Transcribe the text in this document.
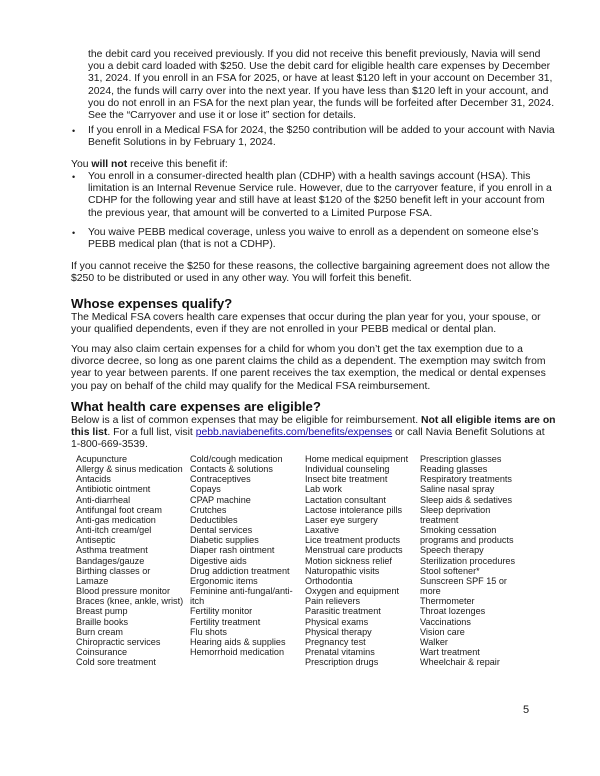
the debit card you received previously. If you did not receive this benefit previously, Navia will send
you a debit card loaded with $250. Use the debit card for eligible health care expenses by December
31, 2024. If you enroll in an FSA for 2025, or have at least $120 left in your account on December 31,
2024, the funds will carry over into the next year. If you have less than $120 left in your account, and
you do not enroll in an FSA for the next plan year, the funds will be forfeited after December 31, 2024.
See the “Carryover and use it or lose it” section for details.
• If you enroll in a Medical FSA for 2024, the $250 contribution will be added to your account with Navia
Benefit Solutions in by February 1, 2024.
• You enroll in a consumer-directed health plan (CDHP) with a health savings account (HSA). This
limitation is an Internal Revenue Service rule. However, due to the carryover feature, if you enroll in a
CDHP for the following year and still have at least $120 of the $250 benefit left in your account from
the previous year, that amount will be converted to a Limited Purpose FSA.
• You waive PEBB medical coverage, unless you waive to enroll as a dependent on someone else’s
PEBB medical plan (that is not a CDHP).
If you cannot receive the $250 for these reasons, the collective bargaining agreement does not allow the
$250 to be distributed or used in any other way. You will forfeit this benefit.
The Medical FSA covers health care expenses that occur during the plan year for you, your spouse, or
your qualified dependents, even if they are not enrolled in your PEBB medical or dental plan.
You may also claim certain expenses for a child for whom you don’t get the tax exemption due to a
divorce decree, so long as one parent claims the child as a dependent. The exemption may switch from
year to year between parents. If one parent receives the tax exemption, the medical or dental expenses
you pay on behalf of the child may qualify for the Medical FSA reimbursement.
You will not receive this benefit if:
Whose expenses qualify?
What health care expenses are eligible?
Below is a list of common expenses that may be eligible for reimbursement. Not all eligible items are on
this list. For a full list, visit pebb.naviabenefits.com/benefits/expenses or call Navia Benefit Solutions at
1-800-669-3539.
Acupuncture
Allergy & sinus medication
Antacids
Antibiotic ointment
Anti-diarrheal
Antifungal foot cream
Anti-gas medication
Anti-itch cream/gel
Antiseptic
Asthma treatment
Bandages/gauze
Birthing classes or
Lamaze
Blood pressure monitor
Braces (knee, ankle, wrist)
Breast pump
Braille books
Burn cream
Chiropractic services
Coinsurance
Cold sore treatment
Cold/cough medication
Contacts & solutions
Contraceptives
Copays
CPAP machine
Crutches
Deductibles
Dental services
Diabetic supplies
Diaper rash ointment
Digestive aids
Drug addiction treatment
Ergonomic items
Feminine anti-fungal/anti-
itch
Fertility monitor
Fertility treatment
Flu shots
Hearing aids & supplies
Hemorrhoid medication
Home medical equipment
Individual counseling
Insect bite treatment
Lab work
Lactation consultant
Lactose intolerance pills
Laser eye surgery
Laxative
Lice treatment products
Menstrual care products
Motion sickness relief
Naturopathic visits
Orthodontia
Oxygen and equipment
Pain relievers
Parasitic treatment
Physical exams
Physical therapy
Pregnancy test
Prenatal vitamins
Prescription drugs
Prescription glasses
Reading glasses
Respiratory treatments
Saline nasal spray
Sleep aids & sedatives
Sleep deprivation
treatment
Smoking cessation
programs and products
Speech therapy
Sterilization procedures
Stool softener*
Sunscreen SPF 15 or
more
Thermometer
Throat lozenges
Vaccinations
Vision care
Walker
Wart treatment
Wheelchair & repair
5
